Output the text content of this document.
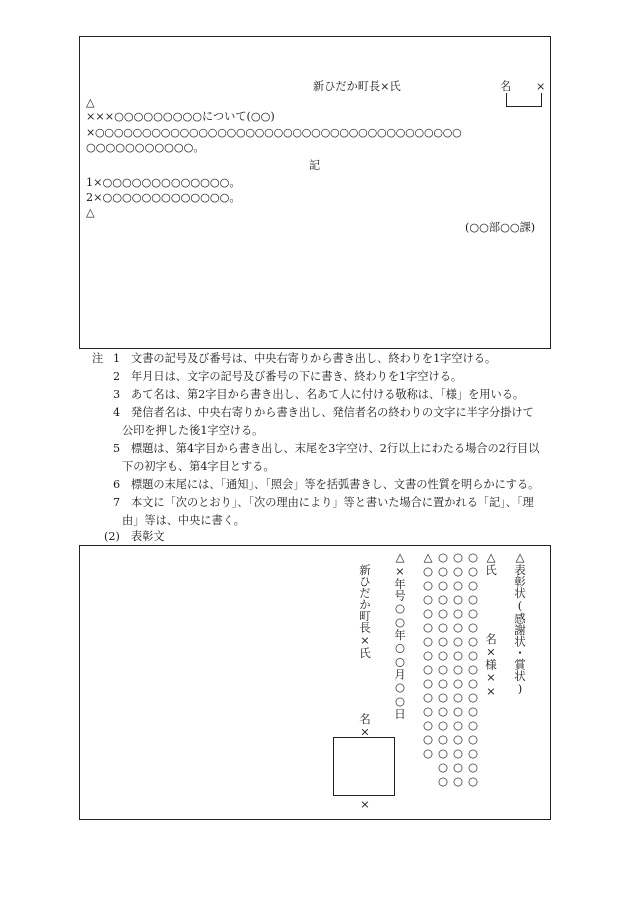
新ひだか町長×氏	名 ×
△
×××○○○○○○○○○について(○○)
×○○○○○○○○○○○○○○○○○○○○○○○○○○○○○○○○○○○○○○○
○○○○○○○○○○○。
記
1×○○○○○○○○○○○○○。
2×○○○○○○○○○○○○○。
△
(○○部○○課)
注 1 文書の記号及び番号は、中央右寄りから書き出し、終わりを1字空ける。
2 年月日は、文字の記号及び番号の下に書き、終わりを1字空ける。
3 あて名は、第2字目から書き出し、名あて人に付ける敬称は、「様」を用いる。
4 発信者名は、中央右寄りから書き出し、発信者名の終わりの文字に半字分掛けて
公印を押した後1字空ける。
5 標題は、第4字目から書き出し、末尾を3字空け、2行以上にわたる場合の2行目以
下の初字も、第4字目とする。
6 標題の末尾には、「通知」、「照会」等を括弧書きし、文書の性質を明らかにする。
7 本文に「次のとおり」、「次の理由により」等と書いた場合に置かれる「記」、「理
由」等は、中央に書く。
(2) 表彰文
△表彰状(感謝状・賞状)
△氏　　　　　名×様××
○○○○○○○○○○○○○○○○○
○○○○○○○○○○○○○○○○○
○○○○○○○○○○○○○○○○○
△○○○○○○○○○○○○○○
△×年号○○年○○月○○日
新ひだか町長×氏
名×
×
